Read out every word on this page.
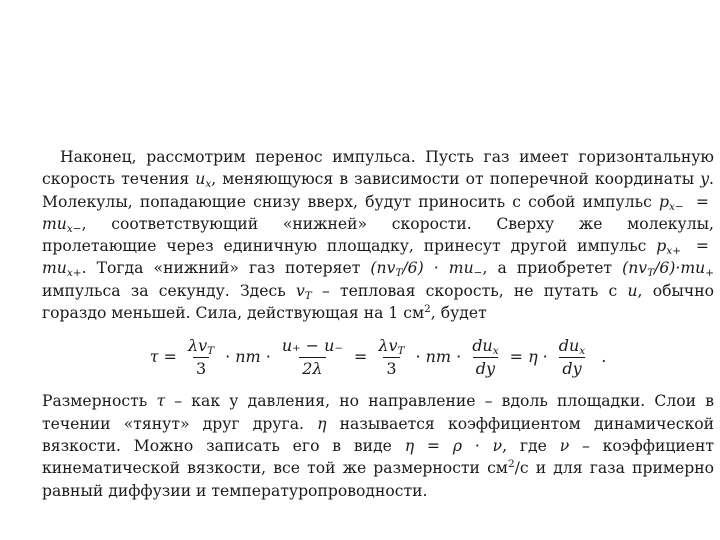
Наконец, рассмотрим перенос импульса. Пусть газ имеет горизонтальную скорость течения $u_x$, меняющуюся в зависимости от поперечной координаты y. Молекулы, попадающие снизу вверх, будут приносить с собой импульс $p_{x-} = mu_{x-}$, соответствующий «нижней» скорости. Сверху же молекулы, пролетающие через единичную площадку, принесут другой импульс $p_{x+} = mu_{x+}$. Тогда «нижний» газ потеряет $(nv_T/6) \cdot mu_-$, а приобретет $(nv_T/6)\cdot mu_+$ импульса за секунду. Здесь $v_T$ – тепловая скорость, не путать с u, обычно гораздо меньшей. Сила, действующая на 1 $см^2$, будет

$\tau = \frac{\lambda v_T}{3}$ · nm · $\frac{u_+ - u_-}{2\lambda} = \frac{\lambda v_T}{3}$ · nm · $\frac{du_x}{dy} = \eta \cdot \frac{du_x}{dy}$ .

Размерность τ – как у давления, но направление – вдоль площадки. Слои в течении «тянут» друг друга. η называется коэффициентом динамической вязкости. Можно записать его в виде η = ρ · ν, где ν – коэффициент кинематической вязкости, все той же размерности $см^2/с$ и для газа примерно равный диффузии и температуропроводности.
